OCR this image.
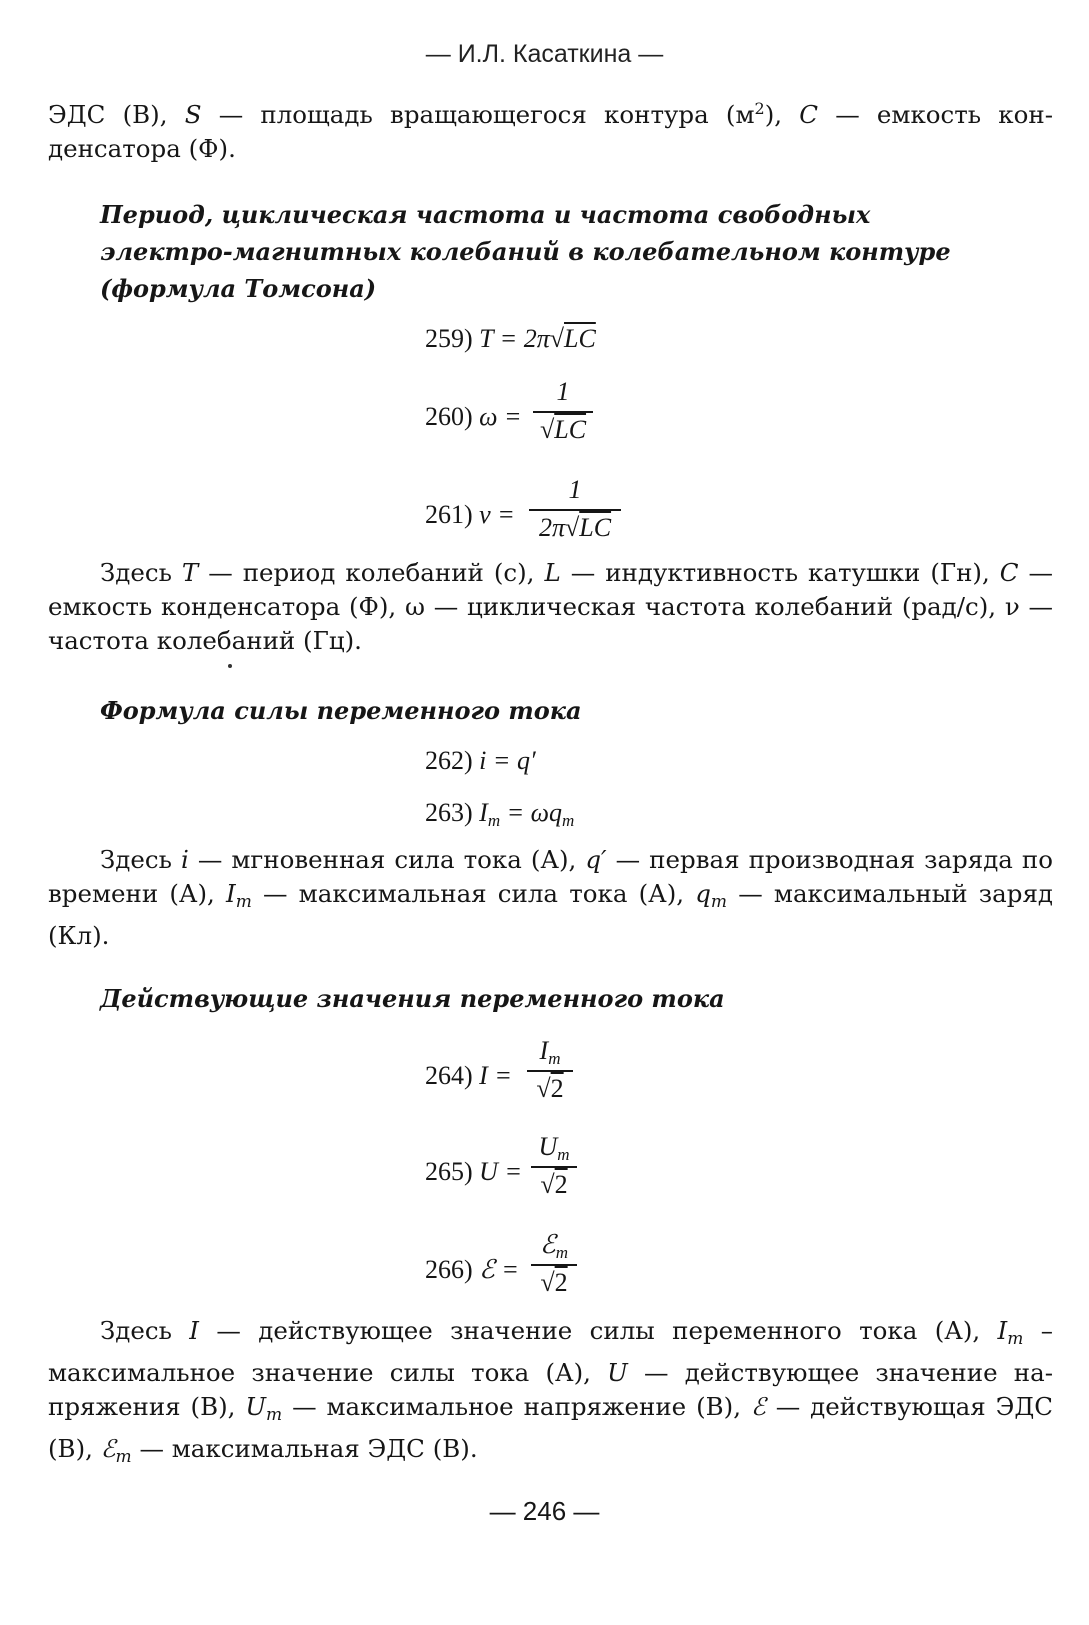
— И.Л. Касаткина —
ЭДС (В), S — площадь вращающегося контура $(м^2)$, C — емкость кон-денсатора (Ф).
Период, циклическая частота и частота свободных электро-магнитных колебаний в колебательном контуре (формула Томсона)
259) T = 2π√LC
260) ω =
1
√LC
261) ν =
1
2π√LC
Здесь T — период колебаний (с), L — индуктивность катушки (Гн), C — емкость конденсатора (Ф), ω — циклическая частота колебаний (рад/с), ν — частота колебаний (Гц).
Формула силы переменного тока
262) i = q′
263) $I_m = \omega q_m$
Здесь i — мгновенная сила тока (А), q′ — первая производная заряда по времени (А), $I_m$ — максимальная сила тока (А), $q_m$ — максимальный заряд (Кл).
Действующие значения переменного тока
264) I =
$I_m$
√2
265) U =
$U_m$
√2
266) ℰ =
ℰ$_m$
√2
Здесь I — действующее значение силы переменного тока (А), $I_m$ – максимальное значение силы тока (А), U — действующее значение на-пряжения (В), $U_m$ — максимальное напряжение (В), ℰ — действующая ЭДС (В), ℰ$_m$ — максимальная ЭДС (В).
— 246 —
